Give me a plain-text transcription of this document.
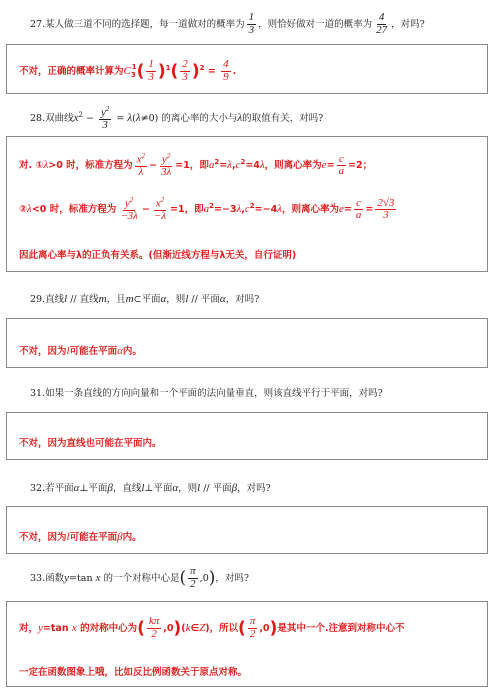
27.某人做三道不同的选择题，每一道做对的概率为 $\frac{1}{3}$ ，则恰好做对一道的概率为 $\frac{4}{27}$ ，对吗?
不对，正确的概率计算为$C_3^1( \frac{1}{3} )^1( \frac{2}{3} )^2 = \frac{4}{9}$ .
28.双曲线$x^2 - \frac{y^2}{3} = \lambda(\lambda\ne 0)$ 的离心率的大小与λ的取值有关，对吗?
对. ①λ>0 时，标准方程为 $\frac{x^2}{\lambda} - \frac{y^2}{3\lambda} =1$，即$a^2=\lambda,c^2=4\lambda$，则离心率为$e= \frac{c}{a} =2$；
②λ<0 时，标准方程为 $\frac{y^2}{-3\lambda} - \frac{x^2}{-\lambda} =1$，即$a^2=-3\lambda,c^2=-4\lambda$，则离心率为$e= \frac{c}{a} = \frac{2√3}{3}$
因此离心率与λ的正负有关系。(但渐近线方程与λ无关，自行证明)
29.直线l // 直线m，且m⊂平面α，则l // 平面α，对吗?
不对，因为l可能在平面α内。
31.如果一条直线的方向向量和一个平面的法向量垂直，则该直线平行于平面，对吗?
不对，因为直线也可能在平面内。
32.若平面α⊥平面β，直线l⊥平面α，则l // 平面β，对吗?
不对，因为l可能在平面β内。
33.函数y=tan x 的一个对称中心是( $\frac{\pi}{2} ,0$)，对吗?
对，y=tan x 的对称中心为( $\frac{k\pi}{2}$ ,0)(k∈Z)，所以( $\frac{\pi}{2} ,0$)是其中一个.注意到对称中心不
一定在函数图象上哦，比如反比例函数关于原点对称。
